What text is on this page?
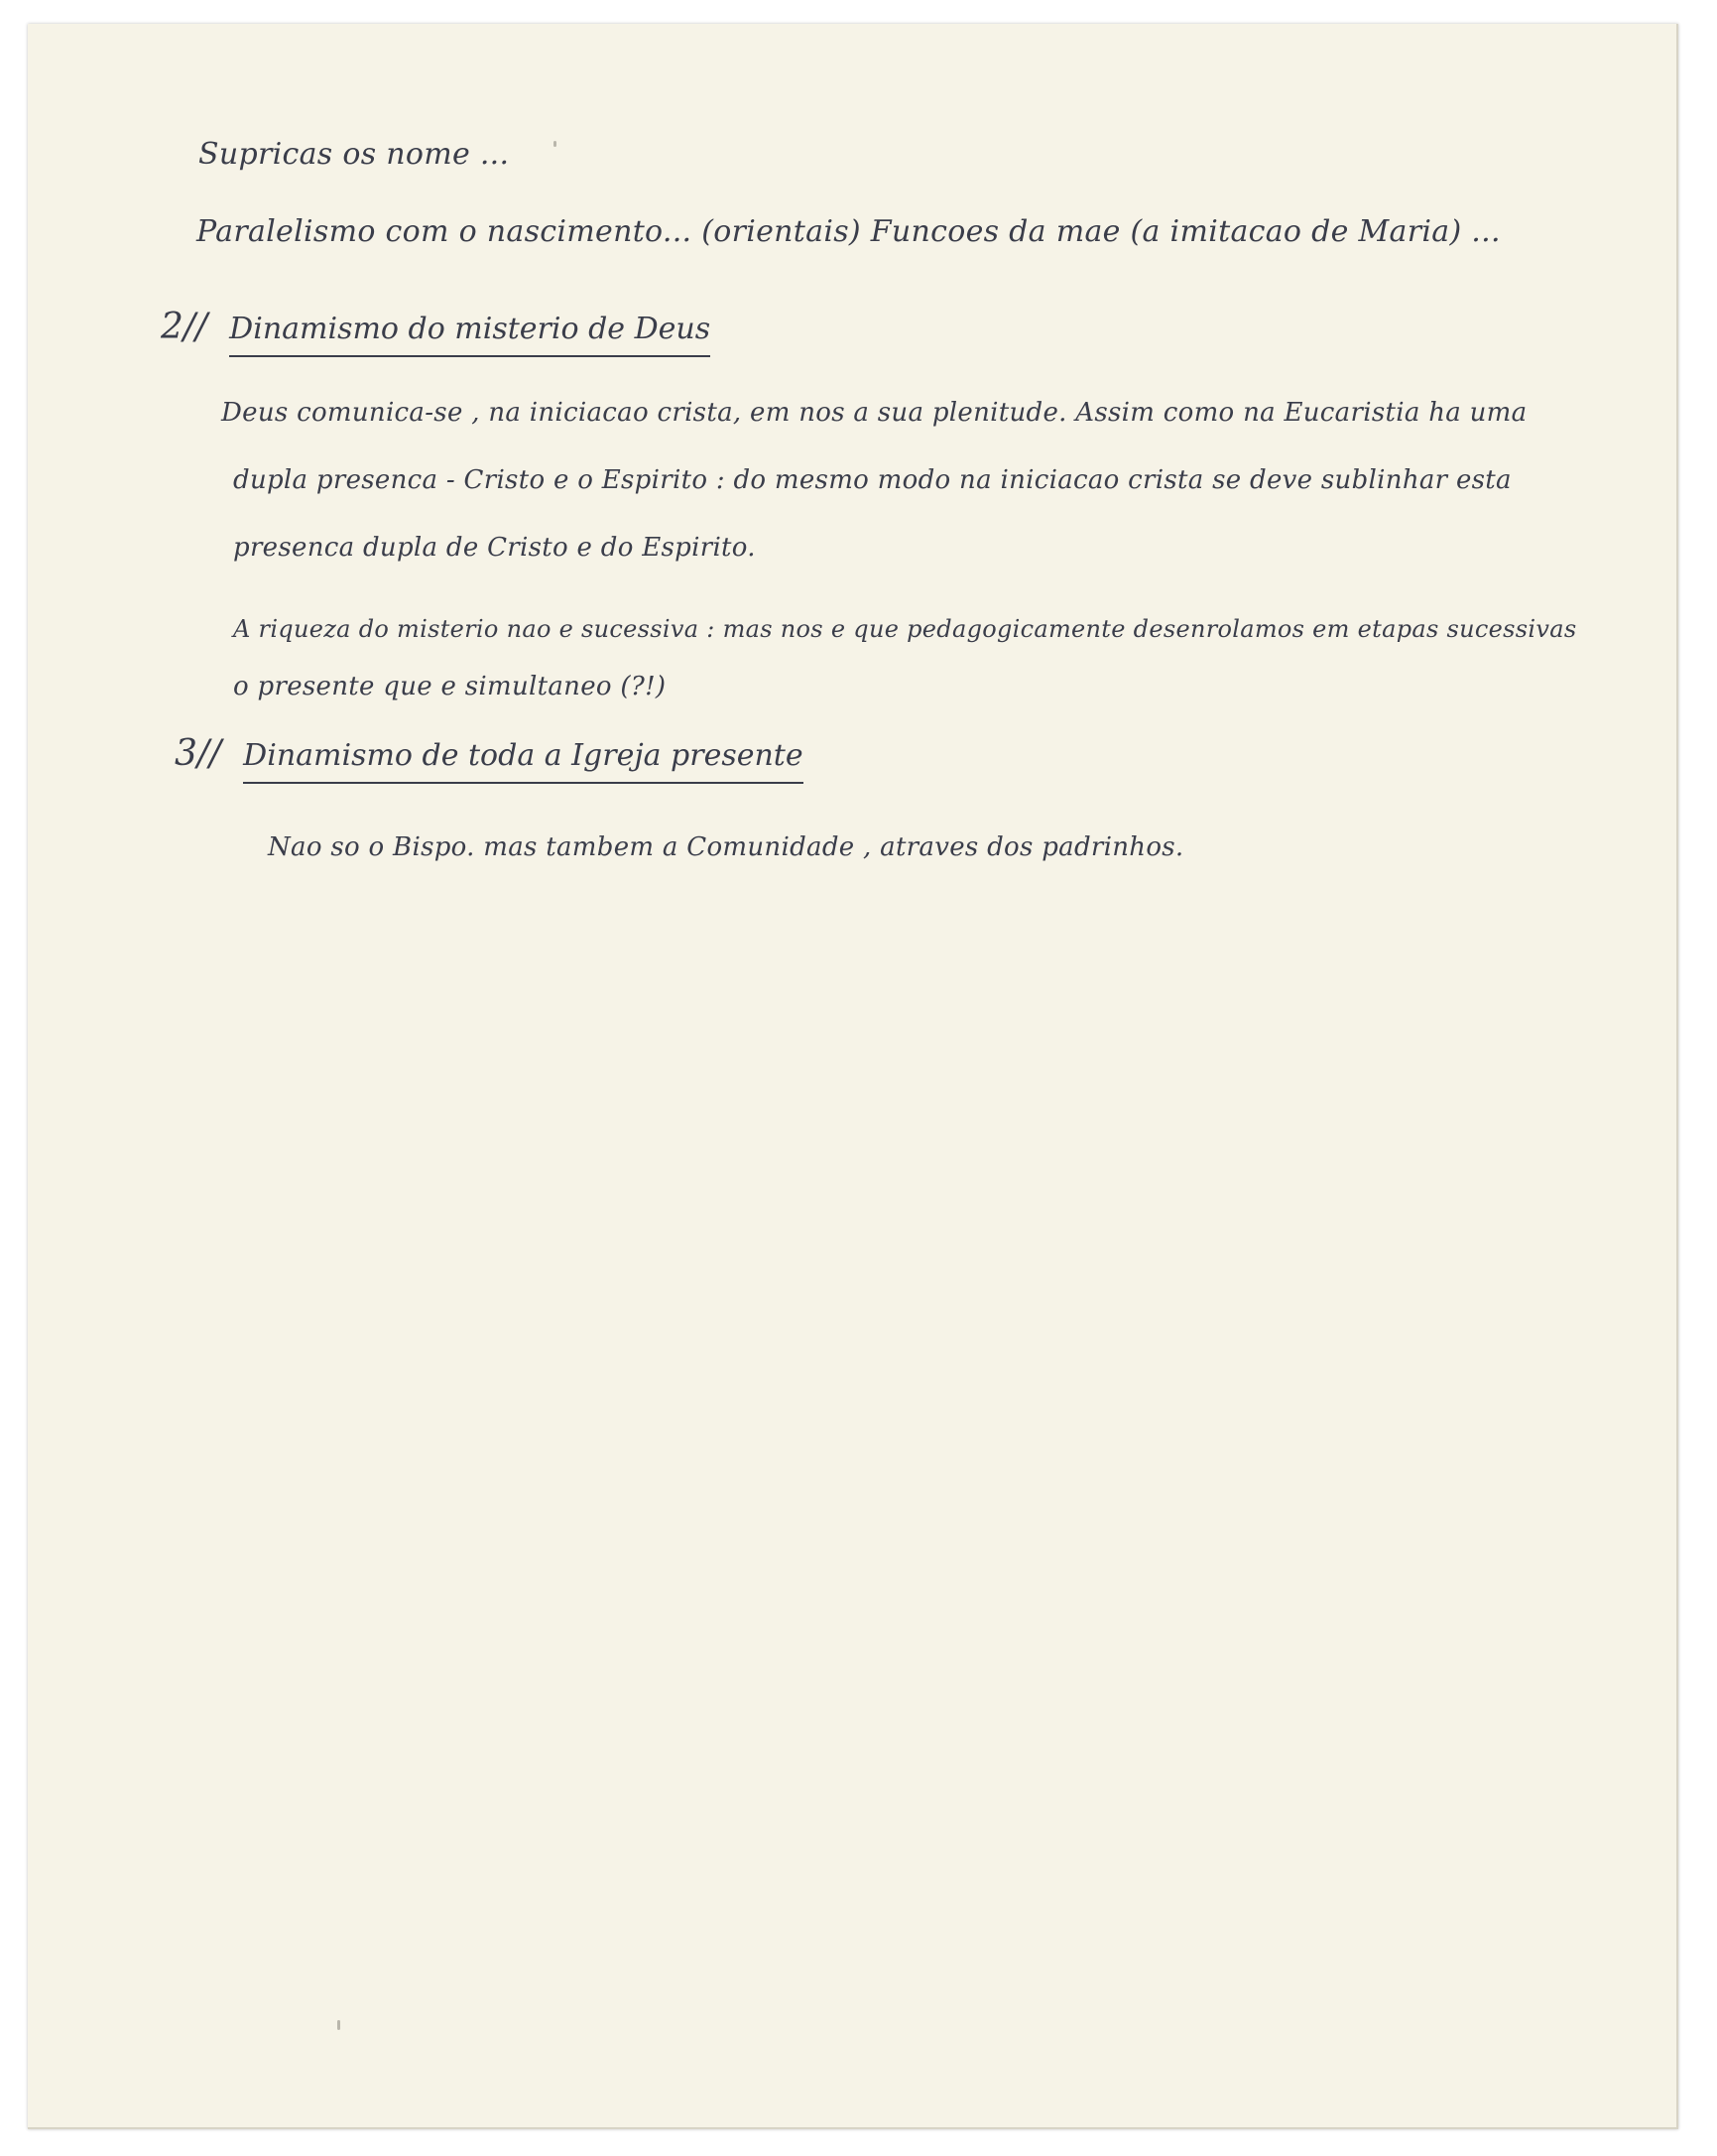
Supricas os nome ...

Paralelismo com o nascimento... (orientais) Funcoes da mae (a imitacao de Maria) ...

2// Dinamismo do misterio de Deus

Deus comunica-se , na iniciacao crista, em nos a sua plenitude. Assim como na Eucaristia ha uma

dupla presenca - Cristo e o Espirito : do mesmo modo na iniciacao crista se deve sublinhar esta

presenca dupla de Cristo e do Espirito.

A riqueza do misterio nao e sucessiva : mas nos e que pedagogicamente desenrolamos em etapas sucessivas

o presente que e simultaneo (?!)

3// Dinamismo de toda a Igreja presente

Nao so o Bispo. mas tambem a Comunidade , atraves dos padrinhos.
